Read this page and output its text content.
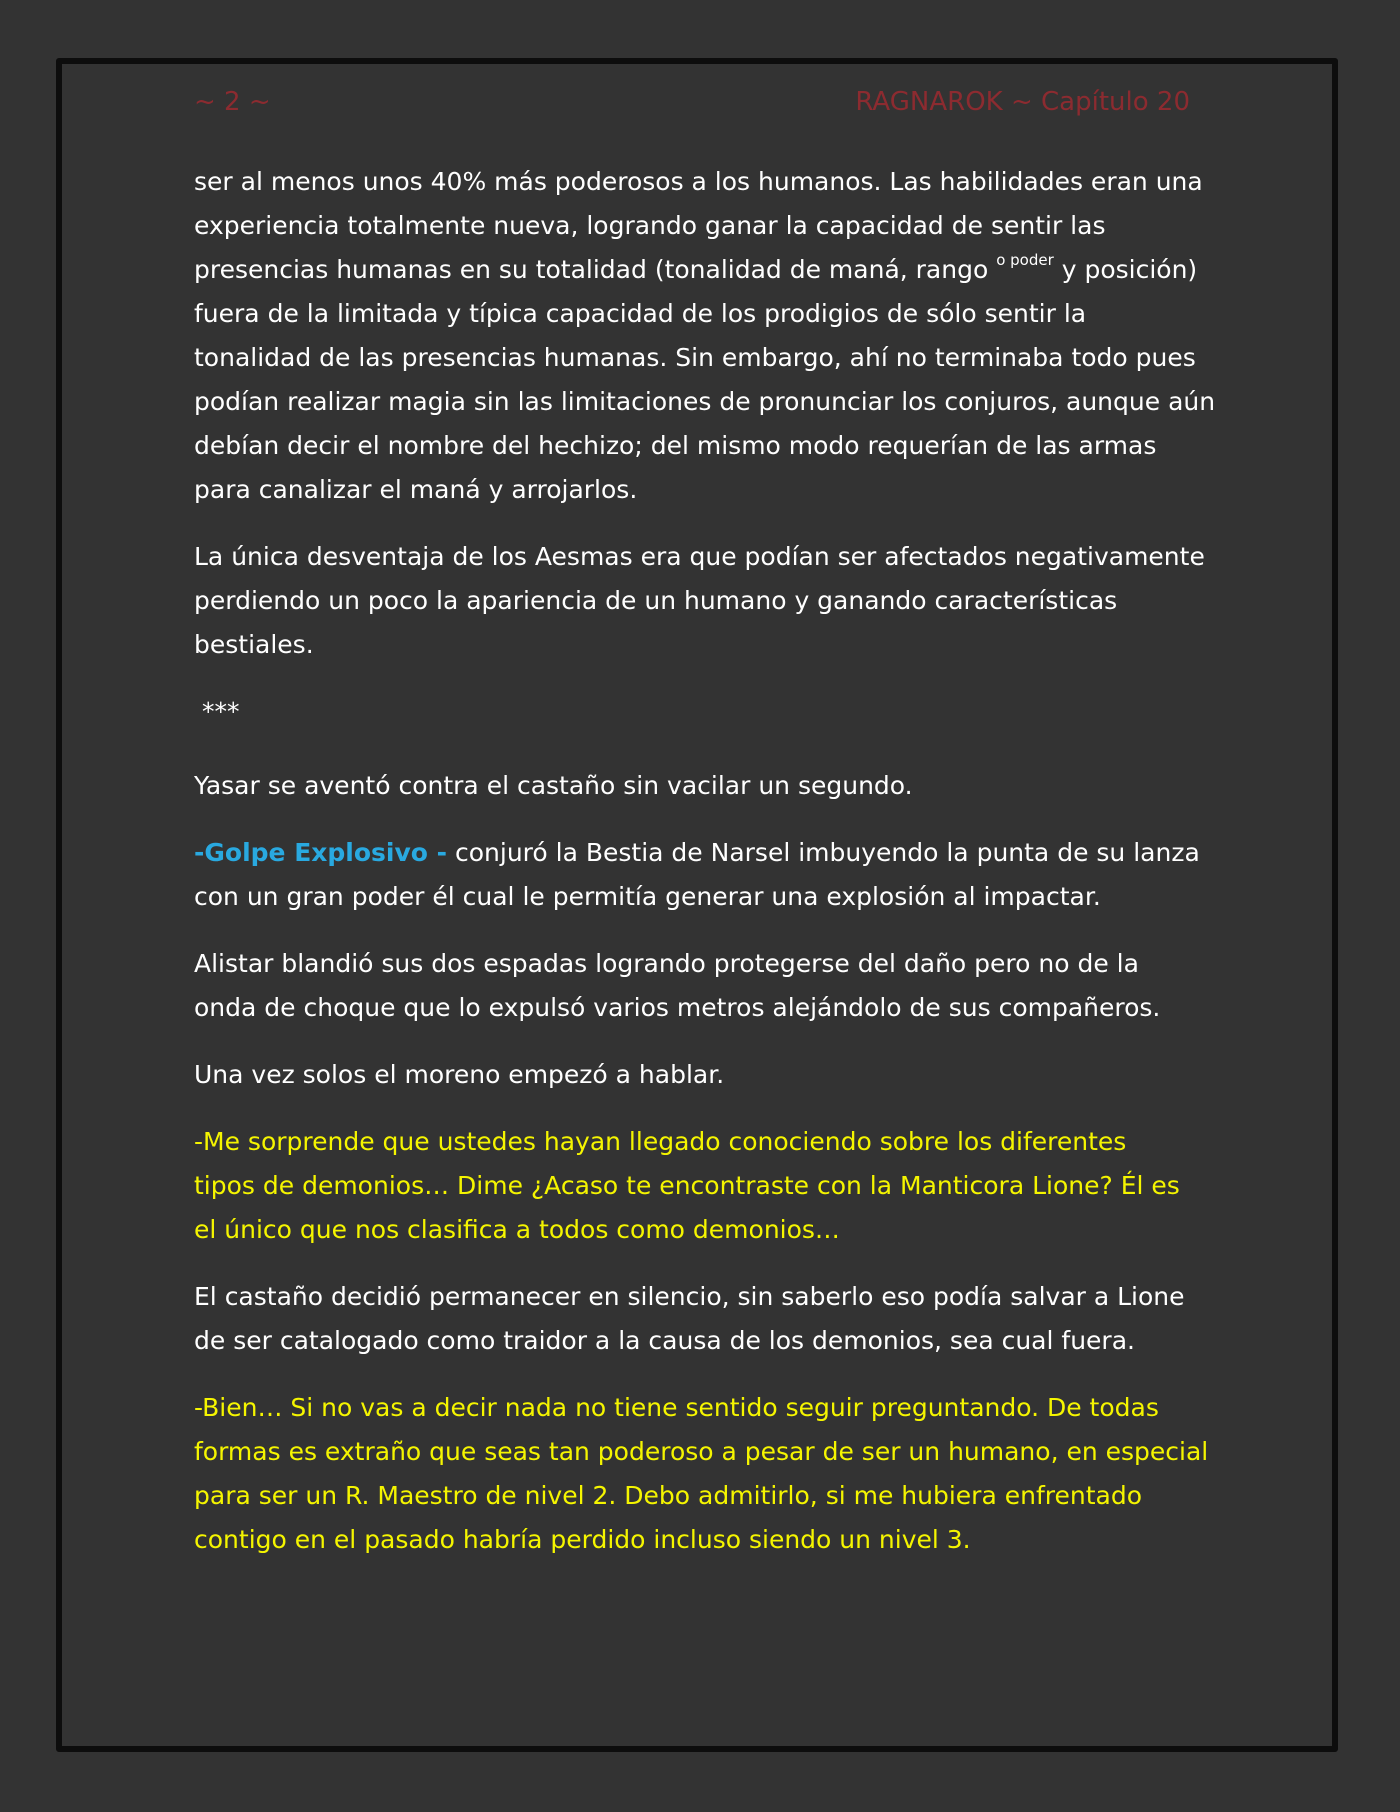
~ 2 ~	RAGNAROK ~ Capítulo 20

ser al menos unos 40% más poderosos a los humanos. Las habilidades eran una
experiencia totalmente nueva, logrando ganar la capacidad de sentir las
presencias humanas en su totalidad (tonalidad de maná, rango $^{o poder}$ y posición)
fuera de la limitada y típica capacidad de los prodigios de sólo sentir la
tonalidad de las presencias humanas. Sin embargo, ahí no terminaba todo pues
podían realizar magia sin las limitaciones de pronunciar los conjuros, aunque aún
debían decir el nombre del hechizo; del mismo modo requerían de las armas
para canalizar el maná y arrojarlos.

La única desventaja de los Aesmas era que podían ser afectados negativamente
perdiendo un poco la apariencia de un humano y ganando características
bestiales.

***

Yasar se aventó contra el castaño sin vacilar un segundo.

-Golpe Explosivo - conjuró la Bestia de Narsel imbuyendo la punta de su lanza
con un gran poder él cual le permitía generar una explosión al impactar.

Alistar blandió sus dos espadas logrando protegerse del daño pero no de la
onda de choque que lo expulsó varios metros alejándolo de sus compañeros.

Una vez solos el moreno empezó a hablar.

-Me sorprende que ustedes hayan llegado conociendo sobre los diferentes
tipos de demonios… Dime ¿Acaso te encontraste con la Manticora Lione? Él es
el único que nos clasifica a todos como demonios…

El castaño decidió permanecer en silencio, sin saberlo eso podía salvar a Lione
de ser catalogado como traidor a la causa de los demonios, sea cual fuera.

-Bien… Si no vas a decir nada no tiene sentido seguir preguntando. De todas
formas es extraño que seas tan poderoso a pesar de ser un humano, en especial
para ser un R. Maestro de nivel 2. Debo admitirlo, si me hubiera enfrentado
contigo en el pasado habría perdido incluso siendo un nivel 3.
